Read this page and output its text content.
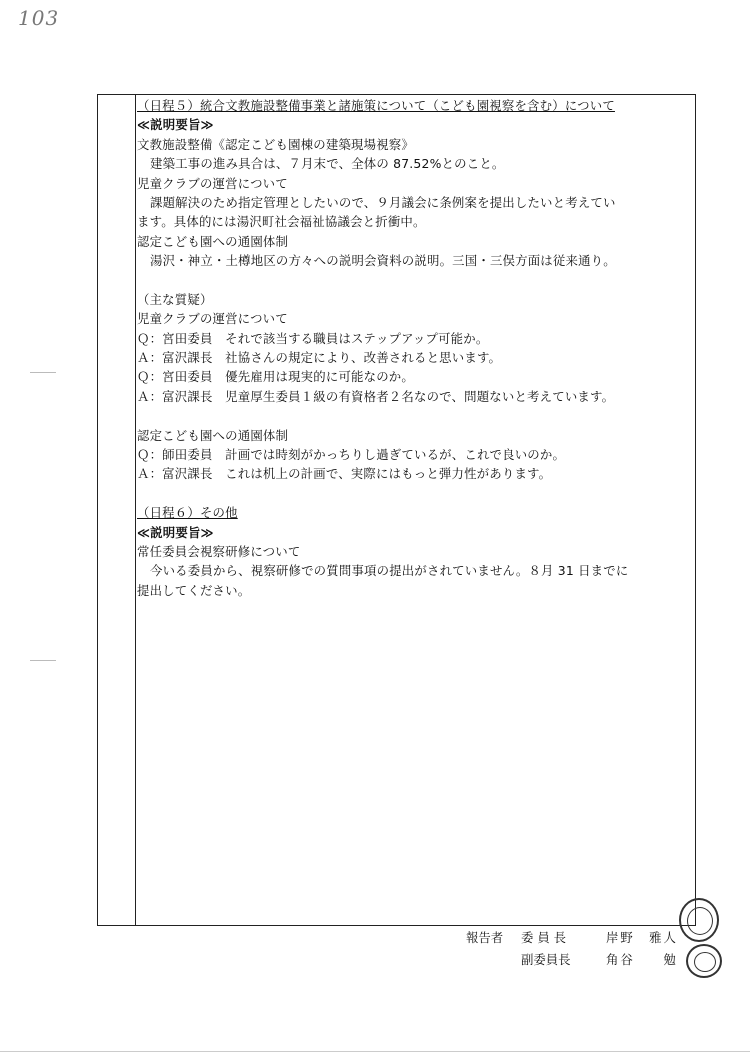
103
（日程５）統合文教施設整備事業と諸施策について（こども園視察を含む）について
≪説明要旨≫
文教施設整備《認定こども園棟の建築現場視察》
建築工事の進み具合は、７月末で、全体の 87.52%とのこと。
児童クラブの運営について
課題解決のため指定管理としたいので、９月議会に条例案を提出したいと考えてい
ます。具体的には湯沢町社会福祉協議会と折衝中。
認定こども園への通園体制
湯沢・神立・土樽地区の方々への説明会資料の説明。三国・三俣方面は従来通り。
（主な質疑）
児童クラブの運営について
Ｑ：宮田委員　それで該当する職員はステップアップ可能か。
Ａ：富沢課長　社協さんの規定により、改善されると思います。
Ｑ：宮田委員　優先雇用は現実的に可能なのか。
Ａ：富沢課長　児童厚生委員１級の有資格者２名なので、問題ないと考えています。
認定こども園への通園体制
Ｑ：師田委員　計画では時刻がかっちりし過ぎているが、これで良いのか。
Ａ：富沢課長　これは机上の計画で、実際にはもっと弾力性があります。
（日程６）その他
≪説明要旨≫
常任委員会視察研修について
今いる委員から、視察研修での質問事項の提出がされていません。８月 31 日までに
提出してください。
報告者 委 員 長	岸野　雅人
副委員長	角谷　　勉
